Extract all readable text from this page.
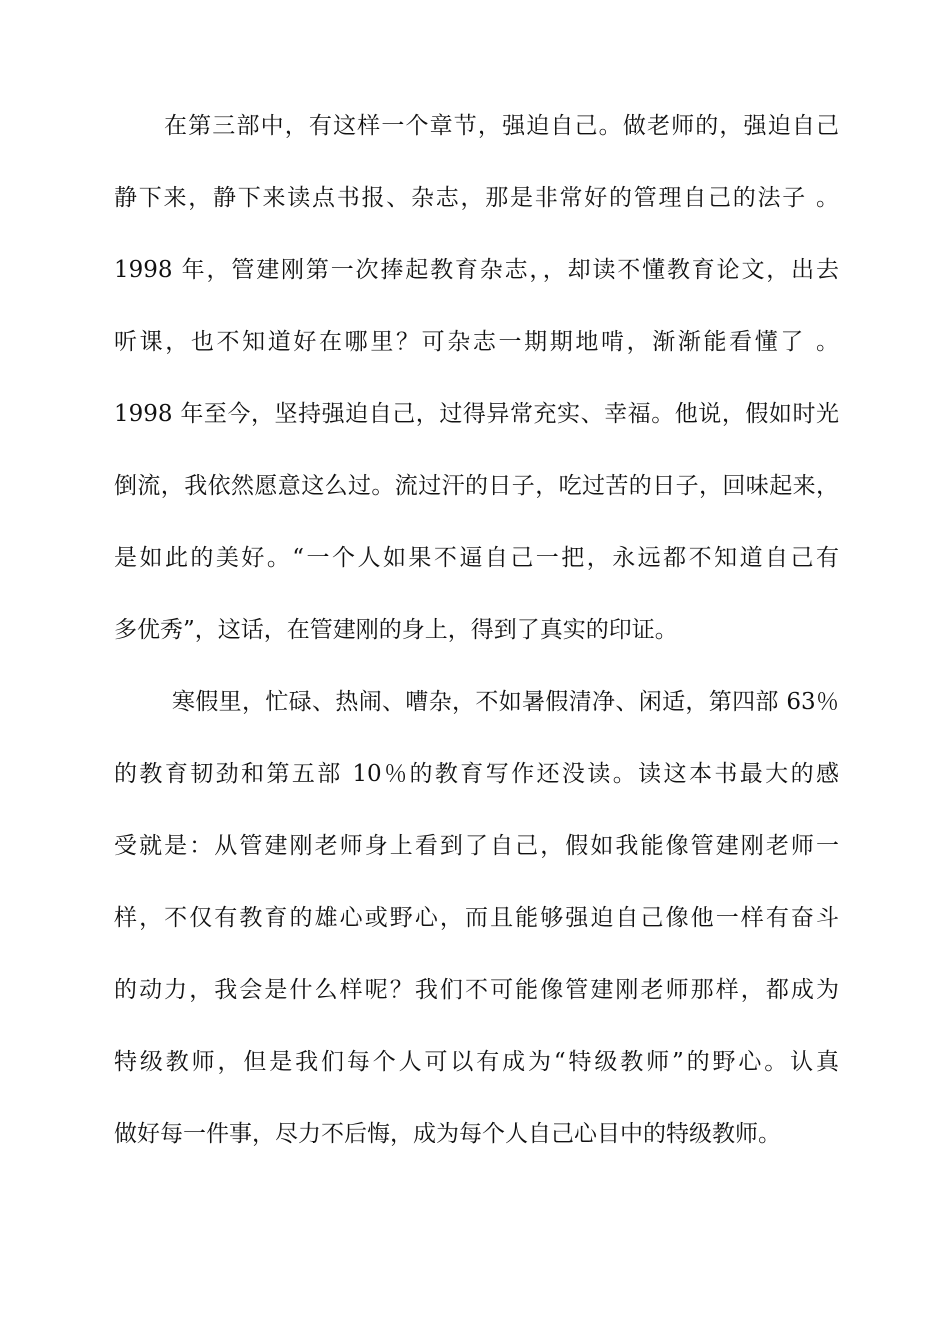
在第三部中，有这样一个章节，强迫自己。做老师的，强迫自己
静下来，静下来读点书报、杂志，那是非常好的管理自己的法子 。
1998 年，管建刚第一次捧起教育杂志，，却读不懂教育论文，出去
听课，也不知道好在哪里？可杂志一期期地啃，渐渐能看懂了 。
1998 年至今，坚持强迫自己，过得异常充实、幸福。他说，假如时光
倒流，我依然愿意这么过。流过汗的日子，吃过苦的日子，回味起来，
是如此的美好。“一个人如果不逼自己一把，永远都不知道自己有
多优秀”，这话，在管建刚的身上，得到了真实的印证。
寒假里，忙碌、热闹、嘈杂，不如暑假清净、闲适，第四部 63％
的教育韧劲和第五部 10％的教育写作还没读。读这本书最大的感
受就是：从管建刚老师身上看到了自己，假如我能像管建刚老师一
样，不仅有教育的雄心或野心，而且能够强迫自己像他一样有奋斗
的动力，我会是什么样呢？我们不可能像管建刚老师那样，都成为
特级教师，但是我们每个人可以有成为“特级教师”的野心。认真
做好每一件事，尽力不后悔，成为每个人自己心目中的特级教师。
